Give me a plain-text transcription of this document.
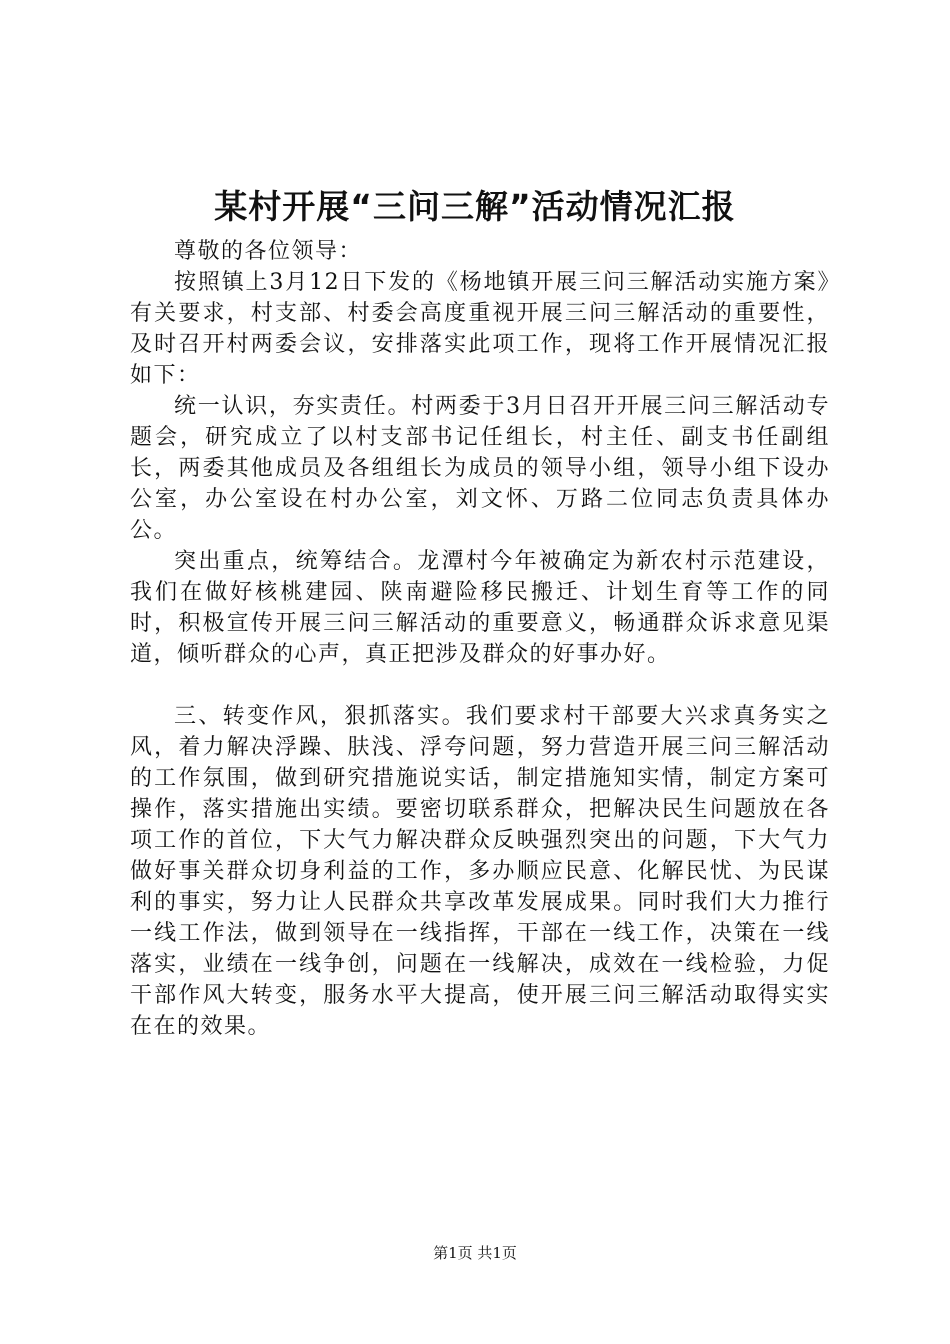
某村开展“三问三解”活动情况汇报

尊敬的各位领导：

按照镇上3月12日下发的《杨地镇开展三问三解活动实施方案》有关要求，村支部、村委会高度重视开展三问三解活动的重要性，及时召开村两委会议，安排落实此项工作，现将工作开展情况汇报如下：

统一认识，夯实责任。村两委于3月日召开开展三问三解活动专题会，研究成立了以村支部书记任组长，村主任、副支书任副组长，两委其他成员及各组组长为成员的领导小组，领导小组下设办公室，办公室设在村办公室，刘文怀、万路二位同志负责具体办公。

突出重点，统筹结合。龙潭村今年被确定为新农村示范建设，我们在做好核桃建园、陕南避险移民搬迁、计划生育等工作的同时，积极宣传开展三问三解活动的重要意义，畅通群众诉求意见渠道，倾听群众的心声，真正把涉及群众的好事办好。

三、转变作风，狠抓落实。我们要求村干部要大兴求真务实之风，着力解决浮躁、肤浅、浮夸问题，努力营造开展三问三解活动的工作氛围，做到研究措施说实话，制定措施知实情，制定方案可操作，落实措施出实绩。要密切联系群众，把解决民生问题放在各项工作的首位，下大气力解决群众反映强烈突出的问题，下大气力做好事关群众切身利益的工作，多办顺应民意、化解民忧、为民谋利的事实，努力让人民群众共享改革发展成果。同时我们大力推行一线工作法，做到领导在一线指挥，干部在一线工作，决策在一线落实，业绩在一线争创，问题在一线解决，成效在一线检验，力促干部作风大转变，服务水平大提高，使开展三问三解活动取得实实在在的效果。

第1页 共1页
